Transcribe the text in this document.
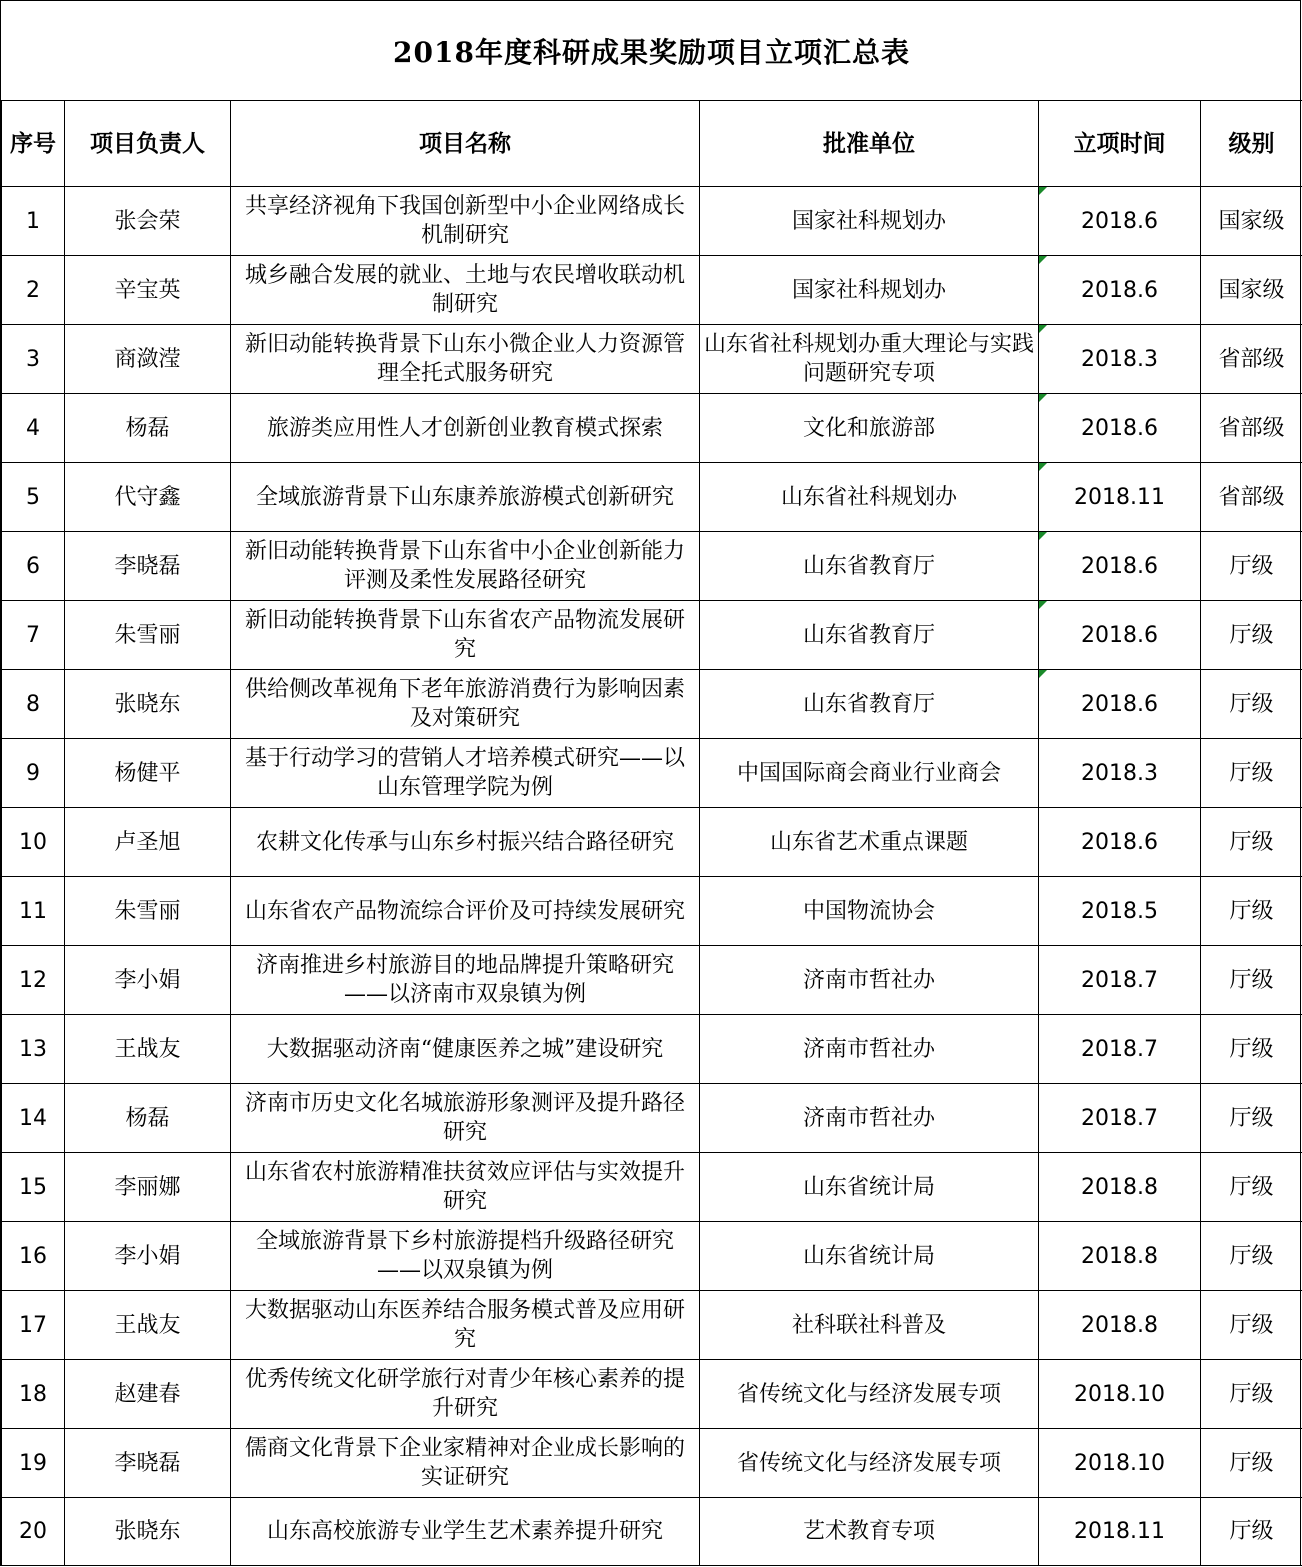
2018年度科研成果奖励项目立项汇总表
序号	项目负责人	项目名称	批准单位	立项时间	级别
1	张会荣	共享经济视角下我国创新型中小企业网络成长机制研究	国家社科规划办	2018.6	国家级
2	辛宝英	城乡融合发展的就业、土地与农民增收联动机制研究	国家社科规划办	2018.6	国家级
3	商潋滢	新旧动能转换背景下山东小微企业人力资源管理全托式服务研究	山东省社科规划办重大理论与实践问题研究专项	2018.3	省部级
4	杨磊	旅游类应用性人才创新创业教育模式探索	文化和旅游部	2018.6	省部级
5	代守鑫	全域旅游背景下山东康养旅游模式创新研究	山东省社科规划办	2018.11	省部级
6	李晓磊	新旧动能转换背景下山东省中小企业创新能力评测及柔性发展路径研究	山东省教育厅	2018.6	厅级
7	朱雪丽	新旧动能转换背景下山东省农产品物流发展研究	山东省教育厅	2018.6	厅级
8	张晓东	供给侧改革视角下老年旅游消费行为影响因素及对策研究	山东省教育厅	2018.6	厅级
9	杨健平	基于行动学习的营销人才培养模式研究——以山东管理学院为例	中国国际商会商业行业商会	2018.3	厅级
10	卢圣旭	农耕文化传承与山东乡村振兴结合路径研究	山东省艺术重点课题	2018.6	厅级
11	朱雪丽	山东省农产品物流综合评价及可持续发展研究	中国物流协会	2018.5	厅级
12	李小娟	济南推进乡村旅游目的地品牌提升策略研究——以济南市双泉镇为例	济南市哲社办	2018.7	厅级
13	王战友	大数据驱动济南“健康医养之城”建设研究	济南市哲社办	2018.7	厅级
14	杨磊	济南市历史文化名城旅游形象测评及提升路径研究	济南市哲社办	2018.7	厅级
15	李丽娜	山东省农村旅游精准扶贫效应评估与实效提升研究	山东省统计局	2018.8	厅级
16	李小娟	全域旅游背景下乡村旅游提档升级路径研究——以双泉镇为例	山东省统计局	2018.8	厅级
17	王战友	大数据驱动山东医养结合服务模式普及应用研究	社科联社科普及	2018.8	厅级
18	赵建春	优秀传统文化研学旅行对青少年核心素养的提升研究	省传统文化与经济发展专项	2018.10	厅级
19	李晓磊	儒商文化背景下企业家精神对企业成长影响的实证研究	省传统文化与经济发展专项	2018.10	厅级
20	张晓东	山东高校旅游专业学生艺术素养提升研究	艺术教育专项	2018.11	厅级
